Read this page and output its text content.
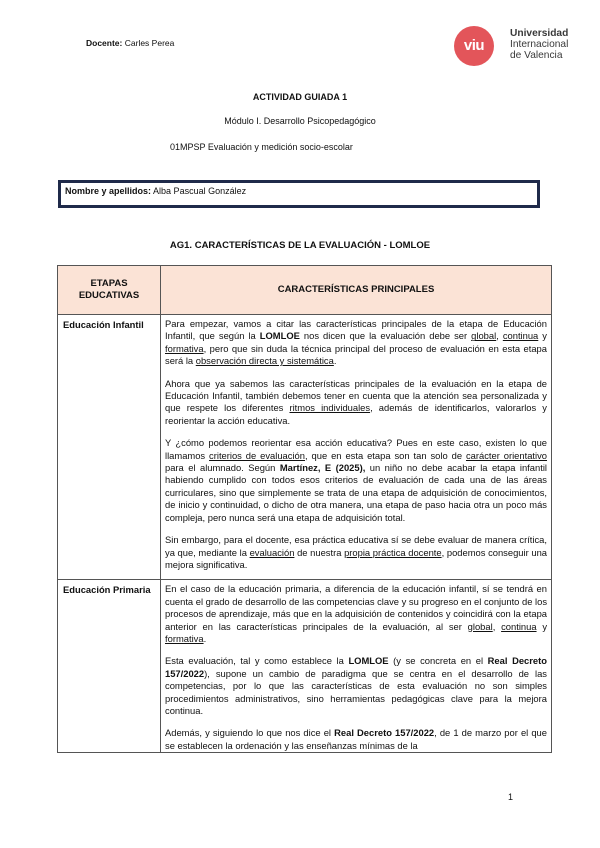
Docente: Carles Perea	viu
Universidad
Internacional
de Valencia
ACTIVIDAD GUIADA 1
Módulo I. Desarrollo Psicopedagógico
01MPSP Evaluación y medición socio-escolar
Nombre y apellidos: Alba Pascual González
AG1. CARACTERÍSTICAS DE LA EVALUACIÓN - LOMLOE
ETAPAS EDUCATIVAS	CARACTERÍSTICAS PRINCIPALES
Educación Infantil	Para empezar, vamos a citar las características principales de la etapa de Educación Infantil, que según la LOMLOE nos dicen que la evaluación debe ser global, continua y formativa, pero que sin duda la técnica principal del proceso de evaluación en esta etapa será la observación directa y sistemática.

Ahora que ya sabemos las características principales de la evaluación en la etapa de Educación Infantil, también debemos tener en cuenta que la atención sea personalizada y que respete los diferentes ritmos individuales, además de identificarlos, valorarlos y reorientar la acción educativa.

Y ¿cómo podemos reorientar esa acción educativa? Pues en este caso, existen lo que llamamos criterios de evaluación, que en esta etapa son tan solo de carácter orientativo para el alumnado. Según Martínez, E (2025), un niño no debe acabar la etapa infantil habiendo cumplido con todos esos criterios de evaluación de cada una de las áreas curriculares, sino que simplemente se trata de una etapa de adquisición de conocimientos, de inicio y continuidad, o dicho de otra manera, una etapa de paso hacia otra un poco más compleja, pero nunca será una etapa de adquisición total.

Sin embargo, para el docente, esa práctica educativa sí se debe evaluar de manera crítica, ya que, mediante la evaluación de nuestra propia práctica docente, podemos conseguir una mejora significativa.

Educación Primaria	En el caso de la educación primaria, a diferencia de la educación infantil, sí se tendrá en cuenta el grado de desarrollo de las competencias clave y su progreso en el conjunto de los procesos de aprendizaje, más que en la adquisición de contenidos y coincidirá con la etapa anterior en las características principales de la evaluación, al ser global, continua y formativa.

Esta evaluación, tal y como establece la LOMLOE (y se concreta en el Real Decreto 157/2022), supone un cambio de paradigma que se centra en el desarrollo de las competencias, por lo que las características de esta evaluación no son simples procedimientos administrativos, sino herramientas pedagógicas clave para la mejora continua.

Además, y siguiendo lo que nos dice el Real Decreto 157/2022, de 1 de marzo por el que se establecen la ordenación y las enseñanzas mínimas de la

1
